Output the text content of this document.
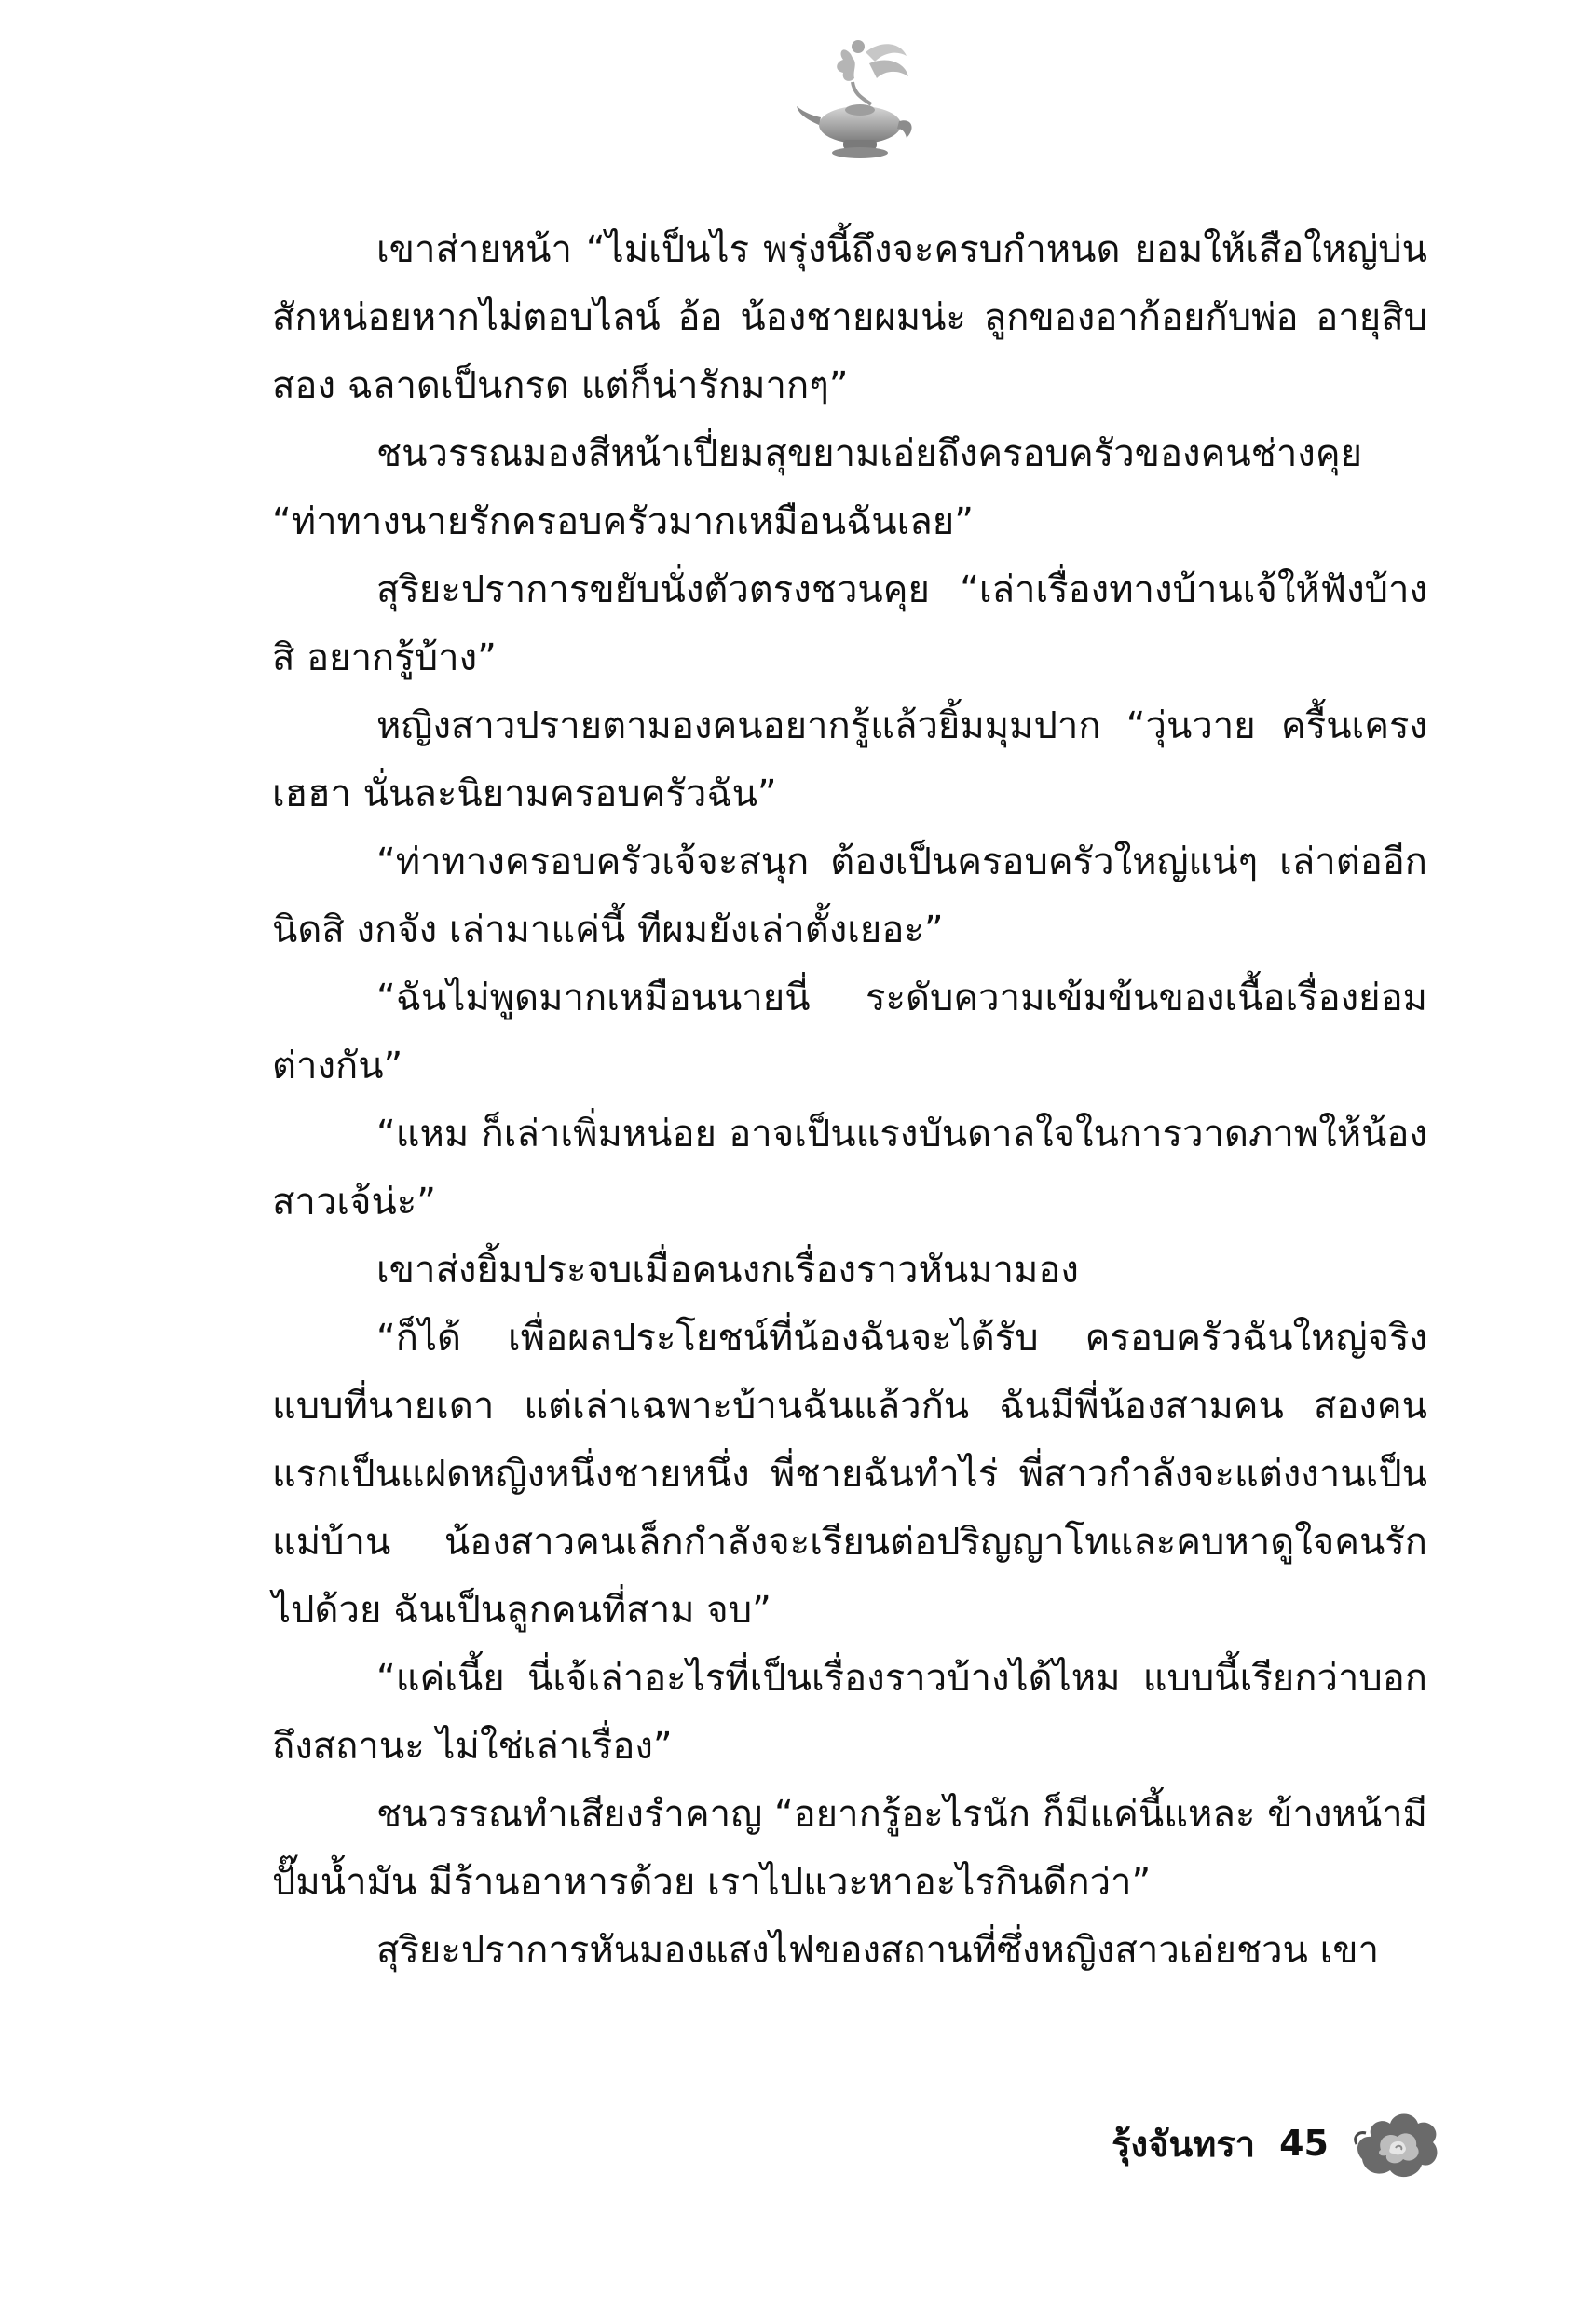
เขาส่ายหน้า “ไม่เป็นไร พรุ่งนี้ถึงจะครบกำหนด ยอมให้เสือใหญ่บ่นสักหน่อยหากไม่ตอบไลน์ อ้อ น้องชายผมน่ะ ลูกของอาก้อยกับพ่อ อายุสิบสอง ฉลาดเป็นกรด แต่ก็น่ารักมากๆ”

ชนวรรณมองสีหน้าเปี่ยมสุขยามเอ่ยถึงครอบครัวของคนช่างคุย “ท่าทางนายรักครอบครัวมากเหมือนฉันเลย”

สุริยะปราการขยับนั่งตัวตรงชวนคุย “เล่าเรื่องทางบ้านเจ้ให้ฟังบ้างสิ อยากรู้บ้าง”

หญิงสาวปรายตามองคนอยากรู้แล้วยิ้มมุมปาก “วุ่นวาย ครื้นเครงเฮฮา นั่นละนิยามครอบครัวฉัน”

“ท่าทางครอบครัวเจ้จะสนุก ต้องเป็นครอบครัวใหญ่แน่ๆ เล่าต่ออีกนิดสิ งกจัง เล่ามาแค่นี้ ทีผมยังเล่าตั้งเยอะ”

“ฉันไม่พูดมากเหมือนนายนี่ ระดับความเข้มข้นของเนื้อเรื่องย่อมต่างกัน”

“แหม ก็เล่าเพิ่มหน่อย อาจเป็นแรงบันดาลใจในการวาดภาพให้น้องสาวเจ้น่ะ”

เขาส่งยิ้มประจบเมื่อคนงกเรื่องราวหันมามอง

“ก็ได้ เพื่อผลประโยชน์ที่น้องฉันจะได้รับ ครอบครัวฉันใหญ่จริงแบบที่นายเดา แต่เล่าเฉพาะบ้านฉันแล้วกัน ฉันมีพี่น้องสามคน สองคนแรกเป็นแฝดหญิงหนึ่งชายหนึ่ง พี่ชายฉันทำไร่ พี่สาวกำลังจะแต่งงานเป็นแม่บ้าน น้องสาวคนเล็กกำลังจะเรียนต่อปริญญาโทและคบหาดูใจคนรักไปด้วย ฉันเป็นลูกคนที่สาม จบ”

“แค่เนี้ย นี่เจ้เล่าอะไรที่เป็นเรื่องราวบ้างได้ไหม แบบนี้เรียกว่าบอกถึงสถานะ ไม่ใช่เล่าเรื่อง”

ชนวรรณทำเสียงรำคาญ “อยากรู้อะไรนัก ก็มีแค่นี้แหละ ข้างหน้ามีปั๊มน้ำมัน มีร้านอาหารด้วย เราไปแวะหาอะไรกินดีกว่า”

สุริยะปราการหันมองแสงไฟของสถานที่ซึ่งหญิงสาวเอ่ยชวน เขา

รุ้งจันทรา 45
